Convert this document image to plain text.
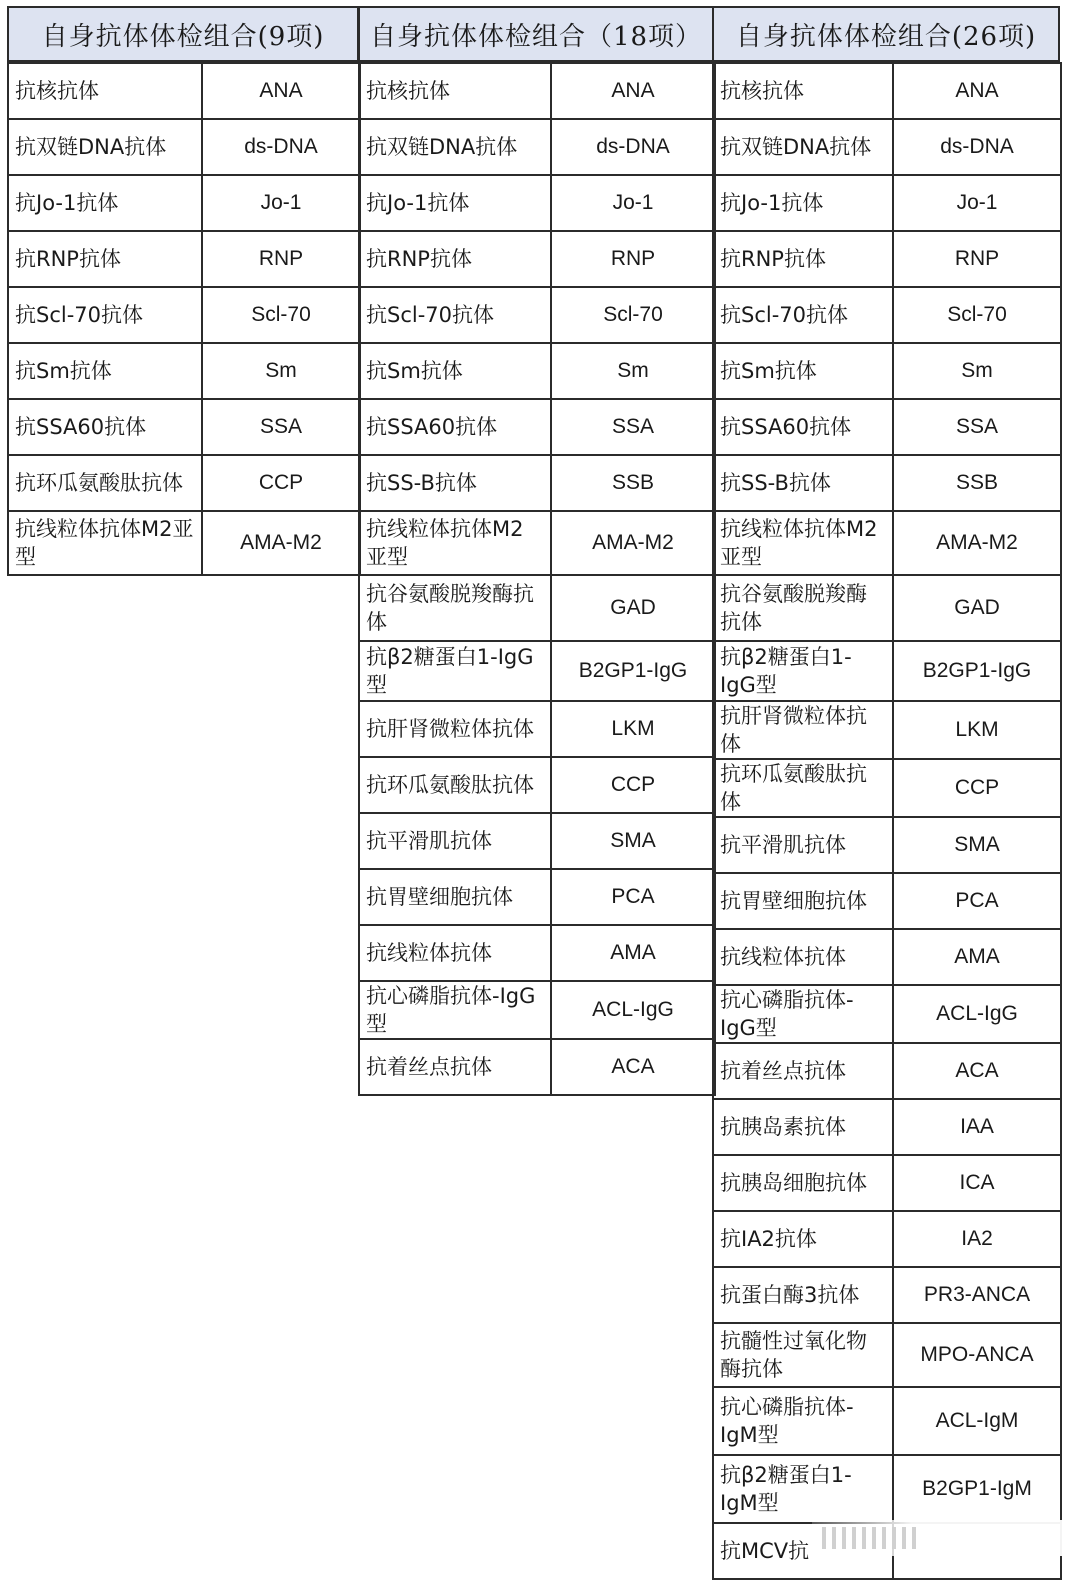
自身抗体体检组合(9项)
抗核抗体	ANA
抗双链DNA抗体	ds-DNA
抗Jo-1抗体	Jo-1
抗RNP抗体	RNP
抗Scl-70抗体	Scl-70
抗Sm抗体	Sm
抗SSA60抗体	SSA
抗环瓜氨酸肽抗体	CCP
抗线粒体抗体M2亚型	AMA-M2
自身抗体体检组合（18项）
抗核抗体	ANA
抗双链DNA抗体	ds-DNA
抗Jo-1抗体	Jo-1
抗RNP抗体	RNP
抗Scl-70抗体	Scl-70
抗Sm抗体	Sm
抗SSA60抗体	SSA
抗SS-B抗体	SSB
抗线粒体抗体M2亚型	AMA-M2
抗谷氨酸脱羧酶抗体	GAD
抗β2糖蛋白1-IgG型	B2GP1-IgG
抗肝肾微粒体抗体	LKM
抗环瓜氨酸肽抗体	CCP
抗平滑肌抗体	SMA
抗胃壁细胞抗体	PCA
抗线粒体抗体	AMA
抗心磷脂抗体-IgG型	ACL-IgG
抗着丝点抗体	ACA
自身抗体体检组合(26项)
抗核抗体	ANA
抗双链DNA抗体	ds-DNA
抗Jo-1抗体	Jo-1
抗RNP抗体	RNP
抗Scl-70抗体	Scl-70
抗Sm抗体	Sm
抗SSA60抗体	SSA
抗SS-B抗体	SSB
抗线粒体抗体M2亚型	AMA-M2
抗谷氨酸脱羧酶抗体	GAD
抗β2糖蛋白1-IgG型	B2GP1-IgG
抗肝肾微粒体抗体	LKM
抗环瓜氨酸肽抗体	CCP
抗平滑肌抗体	SMA
抗胃壁细胞抗体	PCA
抗线粒体抗体	AMA
抗心磷脂抗体-IgG型	ACL-IgG
抗着丝点抗体	ACA
抗胰岛素抗体	IAA
抗胰岛细胞抗体	ICA
抗IA2抗体	IA2
抗蛋白酶3抗体	PR3-ANCA
抗髓性过氧化物酶抗体	MPO-ANCA
抗心磷脂抗体-IgM型	ACL-IgM
抗β2糖蛋白1-IgM型	B2GP1-IgM
抗MCV抗	
